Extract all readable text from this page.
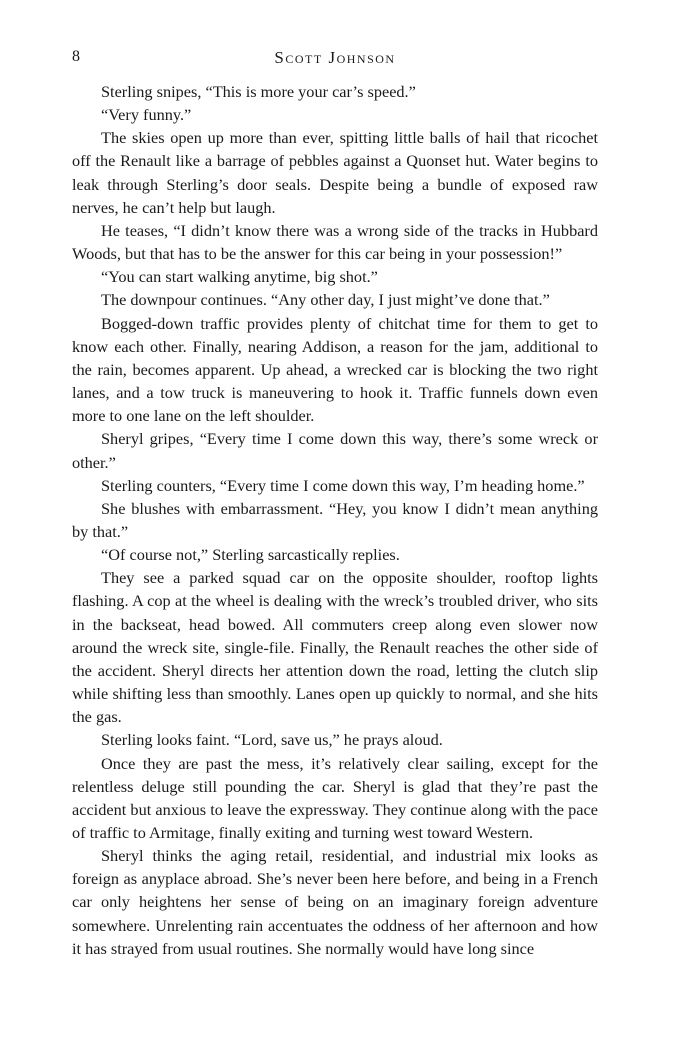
8	Scott Johnson

Sterling snipes, “This is more your car’s speed.”

“Very funny.”

The skies open up more than ever, spitting little balls of hail that ricochet off the Renault like a barrage of pebbles against a Quonset hut. Water begins to leak through Sterling’s door seals. Despite being a bundle of exposed raw nerves, he can’t help but laugh.

He teases, “I didn’t know there was a wrong side of the tracks in Hubbard Woods, but that has to be the answer for this car being in your possession!”

“You can start walking anytime, big shot.”

The downpour continues. “Any other day, I just might’ve done that.”

Bogged-down traffic provides plenty of chitchat time for them to get to know each other. Finally, nearing Addison, a reason for the jam, additional to the rain, becomes apparent. Up ahead, a wrecked car is blocking the two right lanes, and a tow truck is maneuvering to hook it. Traffic funnels down even more to one lane on the left shoulder.

Sheryl gripes, “Every time I come down this way, there’s some wreck or other.”

Sterling counters, “Every time I come down this way, I’m heading home.”

She blushes with embarrassment. “Hey, you know I didn’t mean anything by that.”

“Of course not,” Sterling sarcastically replies.

They see a parked squad car on the opposite shoulder, rooftop lights flashing. A cop at the wheel is dealing with the wreck’s troubled driver, who sits in the backseat, head bowed. All commuters creep along even slower now around the wreck site, single-file. Finally, the Renault reaches the other side of the accident. Sheryl directs her attention down the road, letting the clutch slip while shifting less than smoothly. Lanes open up quickly to normal, and she hits the gas.

Sterling looks faint. “Lord, save us,” he prays aloud.

Once they are past the mess, it’s relatively clear sailing, except for the relentless deluge still pounding the car. Sheryl is glad that they’re past the accident but anxious to leave the expressway. They continue along with the pace of traffic to Armitage, finally exiting and turning west toward Western.

Sheryl thinks the aging retail, residential, and industrial mix looks as foreign as anyplace abroad. She’s never been here before, and being in a French car only heightens her sense of being on an imaginary foreign adventure somewhere. Unrelenting rain accentuates the oddness of her afternoon and how it has strayed from usual routines. She normally would have long since
